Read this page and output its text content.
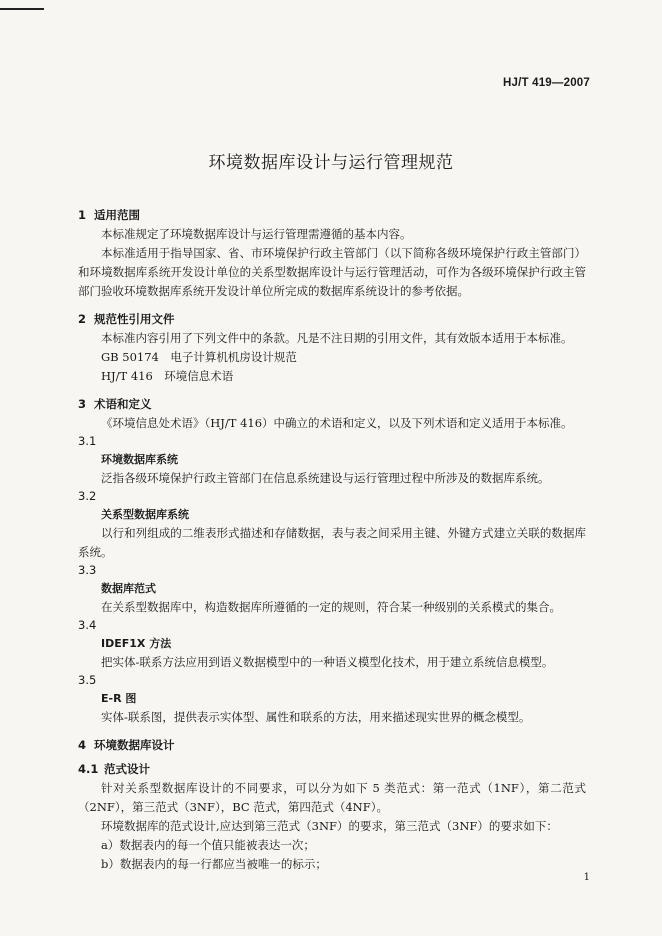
HJ/T 419—2007
环境数据库设计与运行管理规范
1 适用范围

本标准规定了环境数据库设计与运行管理需遵循的基本内容。

本标准适用于指导国家、省、市环境保护行政主管部门（以下简称各级环境保护行政主管部门）和环境数据库系统开发设计单位的关系型数据库设计与运行管理活动，可作为各级环境保护行政主管部门验收环境数据库系统开发设计单位所完成的数据库系统设计的参考依据。

2 规范性引用文件

本标准内容引用了下列文件中的条款。凡是不注日期的引用文件，其有效版本适用于本标准。

GB 50174　电子计算机机房设计规范

HJ/T 416　环境信息术语

3 术语和定义

《环境信息处术语》（HJ/T 416）中确立的术语和定义，以及下列术语和定义适用于本标准。

3.1
环境数据库系统

泛指各级环境保护行政主管部门在信息系统建设与运行管理过程中所涉及的数据库系统。

3.2
关系型数据库系统

以行和列组成的二维表形式描述和存储数据，表与表之间采用主键、外键方式建立关联的数据库系统。

3.3
数据库范式

在关系型数据库中，构造数据库所遵循的一定的规则，符合某一种级别的关系模式的集合。

3.4
IDEF1X 方法

把实体-联系方法应用到语义数据模型中的一种语义模型化技术，用于建立系统信息模型。

3.5
E-R 图

实体-联系图，提供表示实体型、属性和联系的方法，用来描述现实世界的概念模型。

4 环境数据库设计
4.1 范式设计

针对关系型数据库设计的不同要求，可以分为如下 5 类范式：第一范式（1NF），第二范式（2NF），第三范式（3NF），BC 范式，第四范式（4NF）。

环境数据库的范式设计,应达到第三范式（3NF）的要求，第三范式（3NF）的要求如下：

a）数据表内的每一个值只能被表达一次；

b）数据表内的每一行都应当被唯一的标示；

1
